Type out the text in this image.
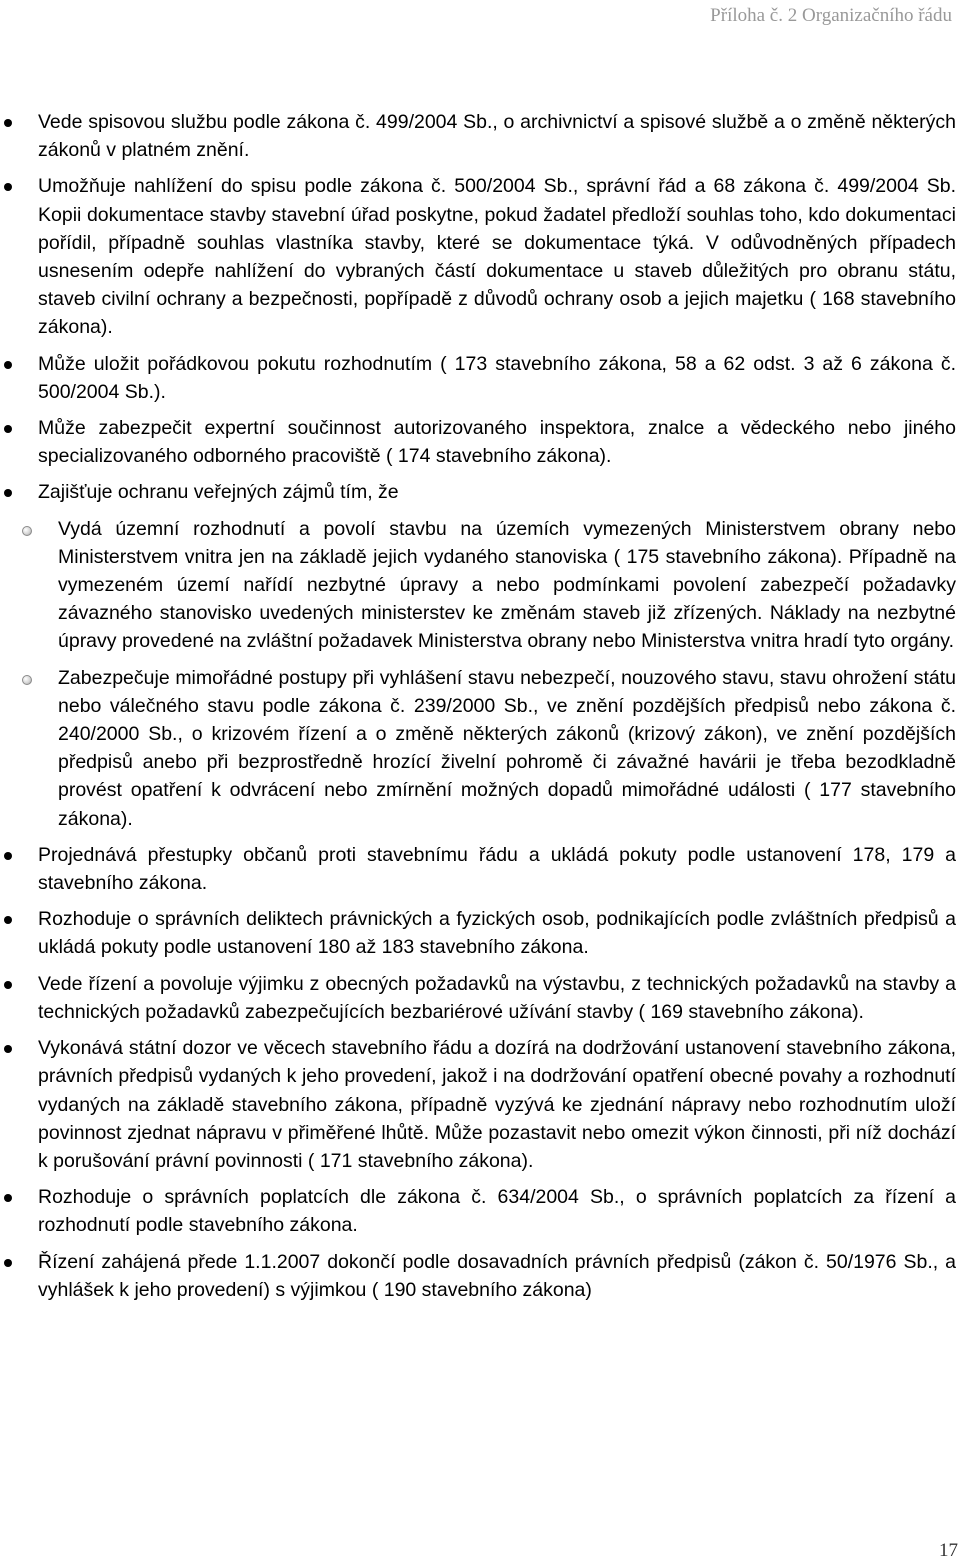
Příloha č. 2 Organizačního řádu
Vede spisovou službu podle zákona č. 499/2004 Sb., o archivnictví a spisové službě a o změně některých zákonů v platném znění.
Umožňuje nahlížení do spisu podle zákona č. 500/2004 Sb., správní řád a 68 zákona č. 499/2004 Sb. Kopii dokumentace stavby stavební úřad poskytne, pokud žadatel předloží souhlas toho, kdo dokumentaci pořídil, případně souhlas vlastníka stavby, které se dokumentace týká. V odůvodněných případech usnesením odepře nahlížení do vybraných částí dokumentace u staveb důležitých pro obranu státu, staveb civilní ochrany a bezpečnosti, popřípadě z důvodů ochrany osob a jejich majetku ( 168 stavebního zákona).
Může uložit pořádkovou pokutu rozhodnutím ( 173 stavebního zákona, 58 a 62 odst. 3 až 6 zákona č. 500/2004 Sb.).
Může zabezpečit expertní součinnost autorizovaného inspektora, znalce a vědeckého nebo jiného specializovaného odborného pracoviště ( 174 stavebního zákona).
Zajišťuje ochranu veřejných zájmů tím, že
Vydá územní rozhodnutí a povolí stavbu na územích vymezených Ministerstvem obrany nebo Ministerstvem vnitra jen na základě jejich vydaného stanoviska ( 175 stavebního zákona). Případně na vymezeném území nařídí nezbytné úpravy a nebo podmínkami povolení zabezpečí požadavky závazného stanovisko uvedených ministerstev ke změnám staveb již zřízených. Náklady na nezbytné úpravy provedené na zvláštní požadavek Ministerstva obrany nebo Ministerstva vnitra hradí tyto orgány.
Zabezpečuje mimořádné postupy při vyhlášení stavu nebezpečí, nouzového stavu, stavu ohrožení státu nebo válečného stavu podle zákona č. 239/2000 Sb., ve znění pozdějších předpisů nebo zákona č. 240/2000 Sb., o krizovém řízení a o změně některých zákonů (krizový zákon), ve znění pozdějších předpisů anebo při bezprostředně hrozící živelní pohromě či závažné havárii je třeba bezodkladně provést opatření k odvrácení nebo zmírnění možných dopadů mimořádné události ( 177 stavebního zákona).
Projednává přestupky občanů proti stavebnímu řádu a ukládá pokuty podle ustanovení 178, 179 a stavebního zákona.
Rozhoduje o správních deliktech právnických a fyzických osob, podnikajících podle zvláštních předpisů a ukládá pokuty podle ustanovení 180 až 183 stavebního zákona.
Vede řízení a povoluje výjimku z obecných požadavků na výstavbu, z technických požadavků na stavby a technických požadavků zabezpečujících bezbariérové užívání stavby ( 169 stavebního zákona).
Vykonává státní dozor ve věcech stavebního řádu a dozírá na dodržování ustanovení stavebního zákona, právních předpisů vydaných k jeho provedení, jakož i na dodržování opatření obecné povahy a rozhodnutí vydaných na základě stavebního zákona, případně vyzývá ke zjednání nápravy nebo rozhodnutím uloží povinnost zjednat nápravu v přiměřené lhůtě. Může pozastavit nebo omezit výkon činnosti, při níž dochází k porušování právní povinnosti ( 171 stavebního zákona).
Rozhoduje o správních poplatcích dle zákona č. 634/2004 Sb., o správních poplatcích za řízení a rozhodnutí podle stavebního zákona.
Řízení zahájená přede 1.1.2007 dokončí podle dosavadních právních předpisů (zákon č. 50/1976 Sb., a vyhlášek k jeho provedení) s výjimkou ( 190 stavebního zákona)
17
